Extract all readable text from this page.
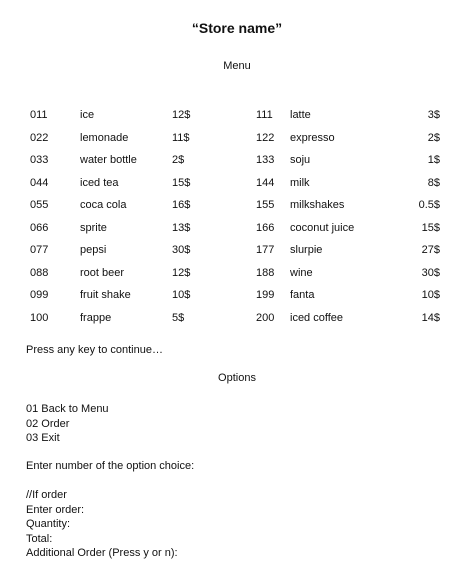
“Store name”
Menu
011	ice	12$	111	latte	3$
022	lemonade	11$	122	expresso	2$
033	water bottle	2$	133	soju	1$
044	iced tea	15$	144	milk	8$
055	coca cola	16$	155	milkshakes	0.5$
066	sprite	13$	166	coconut juice	15$
077	pepsi	30$	177	slurpie	27$
088	root beer	12$	188	wine	30$
099	fruit shake	10$	199	fanta	10$
100	frappe	5$	200	iced coffee	14$
Press any key to continue…
Options
01 Back to Menu
02 Order
03 Exit
Enter number of the option choice:
//If order
Enter order:
Quantity:
Total:
Additional Order (Press y or n):
